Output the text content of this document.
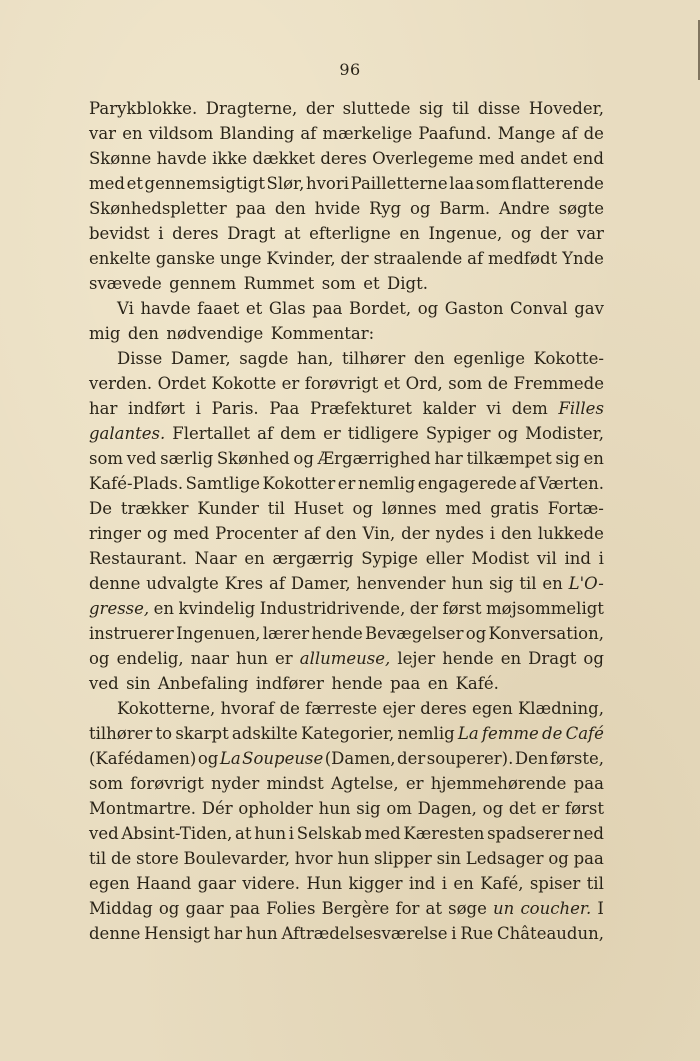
96
Parykblokke. Dragterne, der sluttede sig til disse Hoveder,
var en vildsom Blanding af mærkelige Paafund. Mange af de
Skønne havde ikke dækket deres Overlegeme med andet end
med et gennemsigtigt Slør, hvori Pailletterne laa som flatterende
Skønhedspletter paa den hvide Ryg og Barm. Andre søgte
bevidst i deres Dragt at efterligne en Ingenue, og der var
enkelte ganske unge Kvinder, der straalende af medfødt Ynde
svævede gennem Rummet som et Digt.
Vi havde faaet et Glas paa Bordet, og Gaston Conval gav
mig den nødvendige Kommentar:
Disse Damer, sagde han, tilhører den egenlige Kokotte-
verden. Ordet Kokotte er forøvrigt et Ord, som de Fremmede
har indført i Paris. Paa Præfekturet kalder vi dem Filles
galantes. Flertallet af dem er tidligere Sypiger og Modister,
som ved særlig Skønhed og Ærgærrighed har tilkæmpet sig en
Kafé-Plads. Samtlige Kokotter er nemlig engagerede af Værten.
De trækker Kunder til Huset og lønnes med gratis Fortæ-
ringer og med Procenter af den Vin, der nydes i den lukkede
Restaurant. Naar en ærgærrig Sypige eller Modist vil ind i
denne udvalgte Kres af Damer, henvender hun sig til en L'O-
gresse, en kvindelig Industridrivende, der først møjsommeligt
instruerer Ingenuen, lærer hende Bevægelser og Konversation,
og endelig, naar hun er allumeuse, lejer hende en Dragt og
ved sin Anbefaling indfører hende paa en Kafé.
Kokotterne, hvoraf de færreste ejer deres egen Klædning,
tilhører to skarpt adskilte Kategorier, nemlig La femme de Café
(Kafédamen) og La Soupeuse (Damen, der souperer). Den første,
som forøvrigt nyder mindst Agtelse, er hjemmehørende paa
Montmartre. Dér opholder hun sig om Dagen, og det er først
ved Absint-Tiden, at hun i Selskab med Kæresten spadserer ned
til de store Boulevarder, hvor hun slipper sin Ledsager og paa
egen Haand gaar videre. Hun kigger ind i en Kafé, spiser til
Middag og gaar paa Folies Bergère for at søge un coucher. I
denne Hensigt har hun Aftrædelsesværelse i Rue Châteaudun,
